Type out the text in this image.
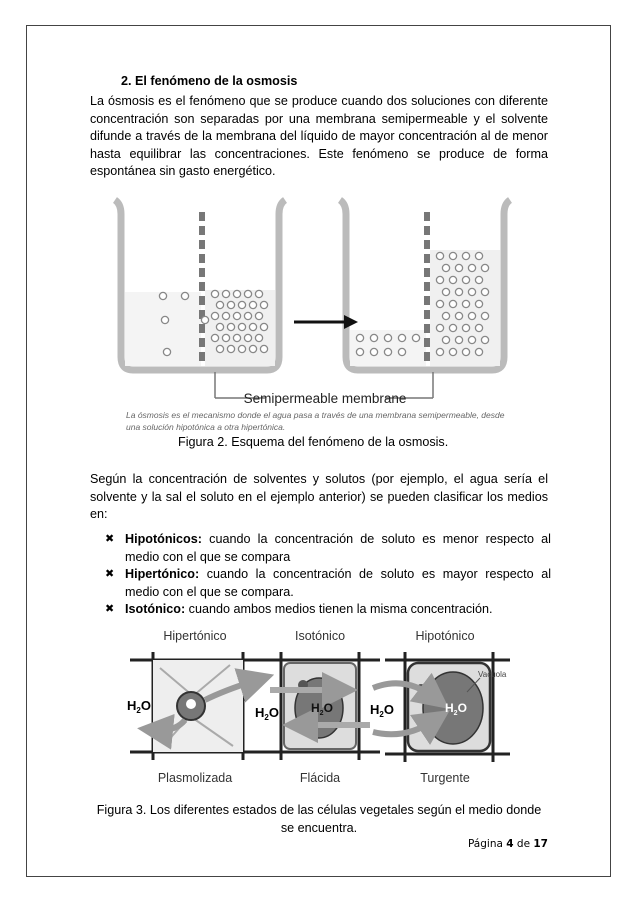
2. El fenómeno de la osmosis
La ósmosis es el fenómeno que se produce cuando dos soluciones con diferente
concentración son separadas por una membrana semipermeable y el solvente
difunde a través de la membrana del líquido de mayor concentración al de menor
hasta equilibrar las concentraciones. Este fenómeno se produce de forma
espontánea sin gasto energético.
Semipermeable membrane
La ósmosis es el mecanismo donde el agua pasa a través de una membrana semipermeable, desde
una solución hipotónica a otra hipertónica.
Figura 2. Esquema del fenómeno de la osmosis.
Según la concentración de solventes y solutos (por ejemplo, el agua sería el
solvente y la sal el soluto en el ejemplo anterior) se pueden clasificar los medios
en:
✖ Hipotónicos: cuando la concentración de soluto es menor respecto al
medio con el que se compara
✖ Hipertónico: cuando la concentración de soluto es mayor respecto al
medio con el que se compara.
✖ Isotónico: cuando ambos medios tienen la misma concentración.
Hipertónico	Isotónico	Hipotónico
$H_2O$	$H_2O$	$H_2O$
Vacuola
$H_2O$	$H_2O$
Plasmolizada	Flácida	Turgente
Figura 3. Los diferentes estados de las células vegetales según el medio donde
se encuentra.
Página 4 de 17
